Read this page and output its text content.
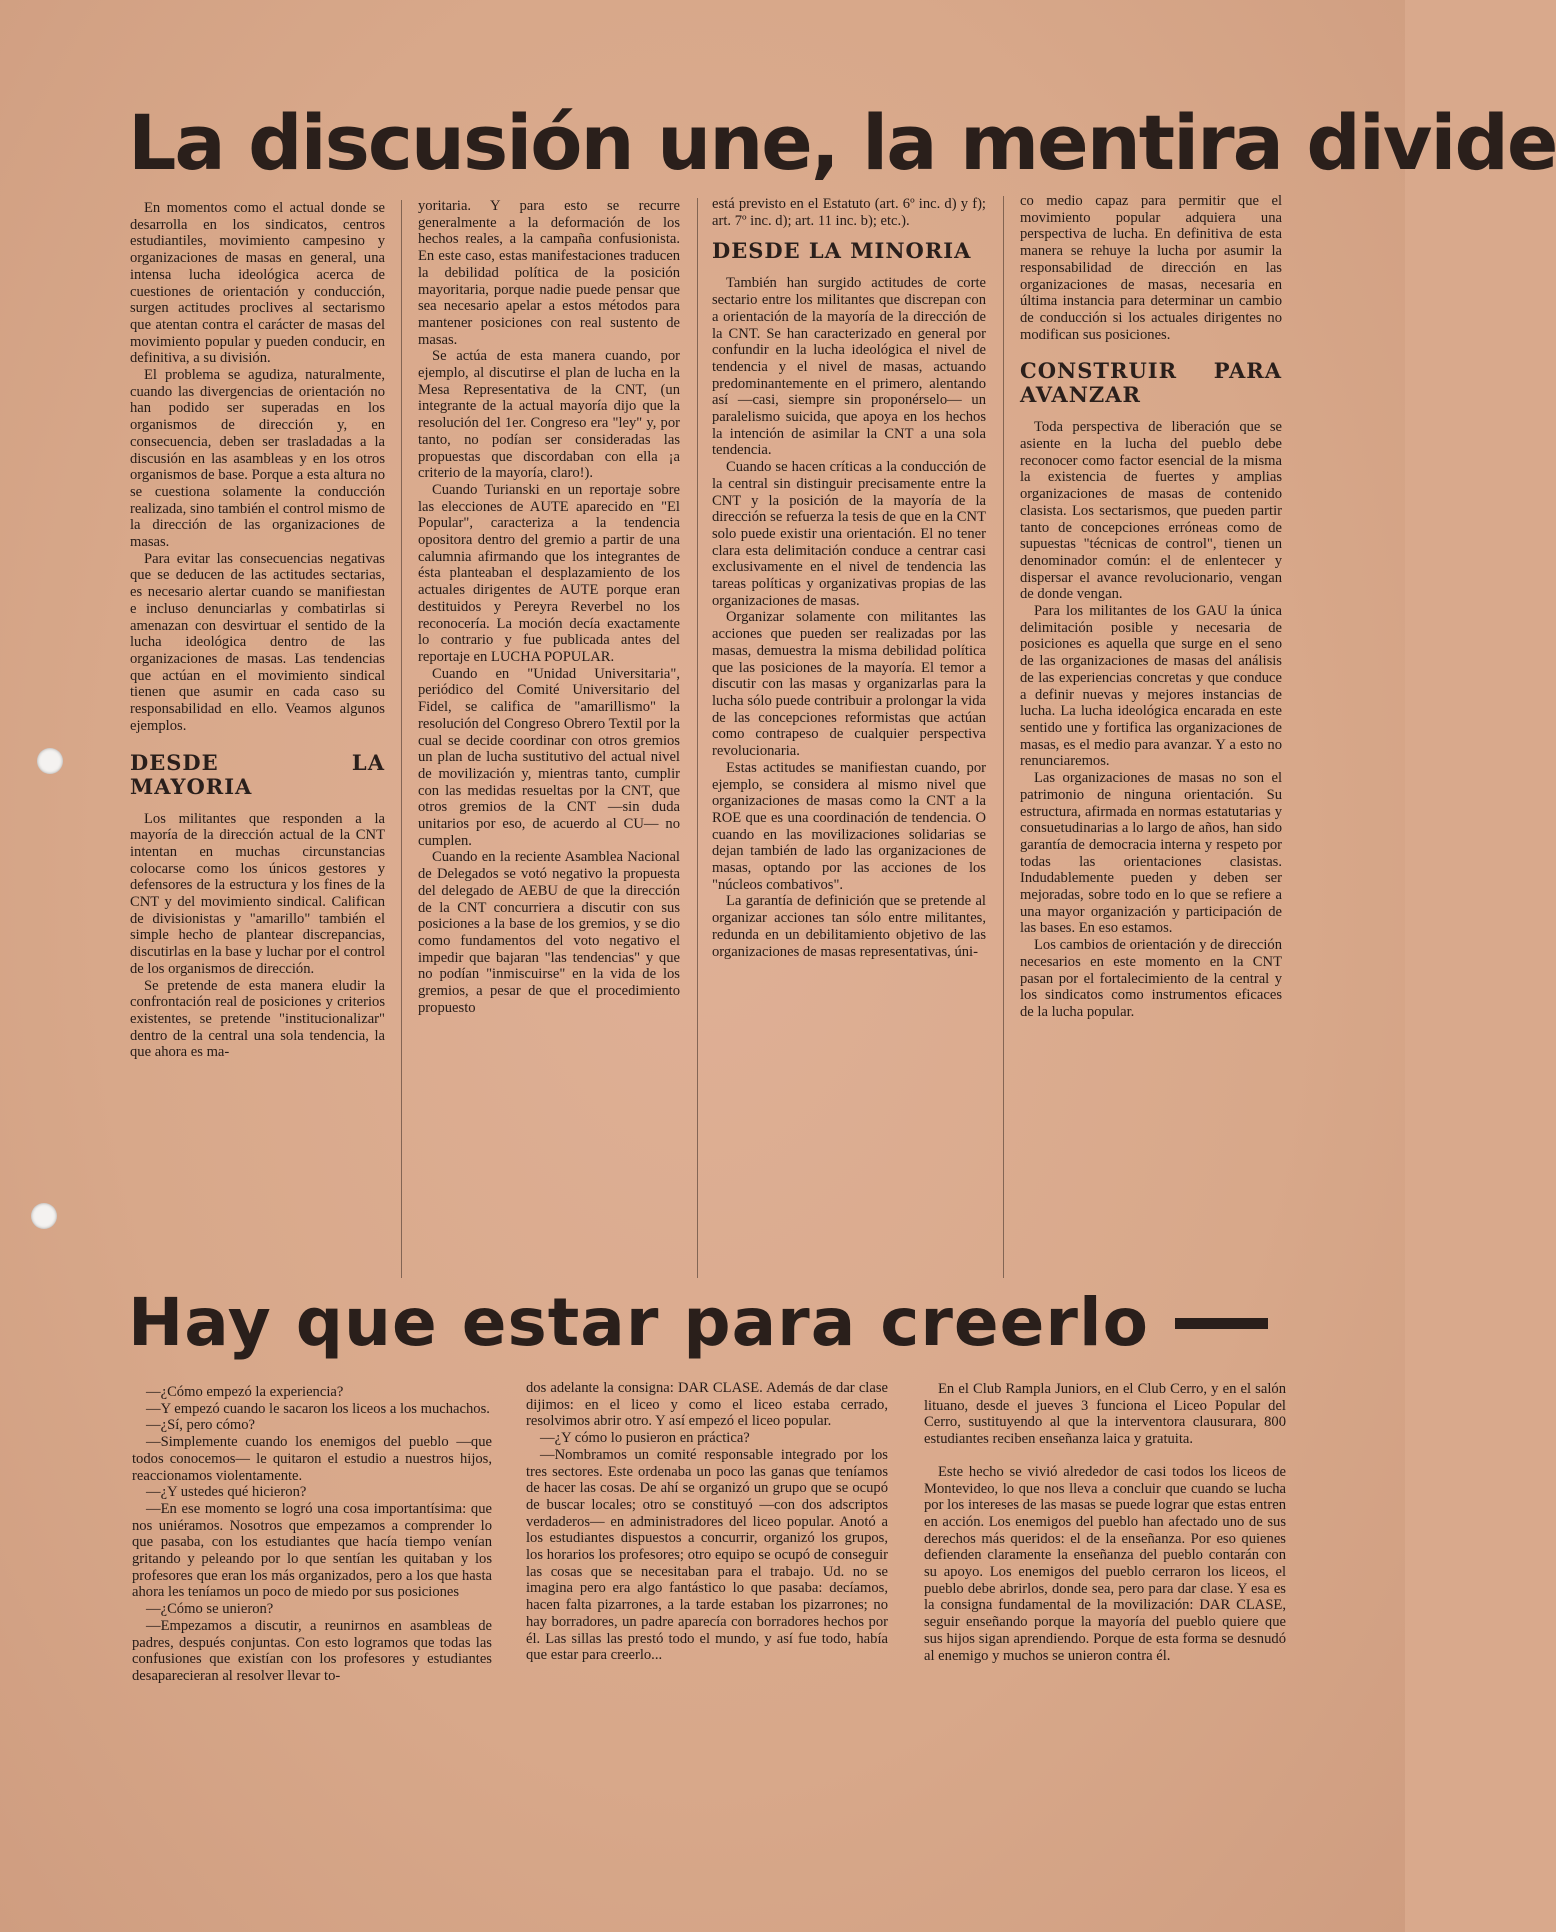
La discusión une, la mentira divide

En momentos como el actual donde se desarrolla en los sindicatos, centros estudiantiles, movimiento campesino y organizaciones de masas en general, una intensa lucha ideológica acerca de cuestiones de orientación y conducción, surgen actitudes proclives al sectarismo que atentan contra el carácter de masas del movimiento popular y pueden conducir, en definitiva, a su división.

El problema se agudiza, naturalmente, cuando las divergencias de orientación no han podido ser superadas en los organismos de dirección y, en consecuencia, deben ser trasladadas a la discusión en las asambleas y en los otros organismos de base. Porque a esta altura no se cuestiona solamente la conducción realizada, sino también el control mismo de la dirección de las organizaciones de masas.

Para evitar las consecuencias negativas que se deducen de las actitudes sectarias, es necesario alertar cuando se manifiestan e incluso denunciarlas y combatirlas si amenazan con desvirtuar el sentido de la lucha ideológica dentro de las organizaciones de masas. Las tendencias que actúan en el movimiento sindical tienen que asumir en cada caso su responsabilidad en ello. Veamos algunos ejemplos.

DESDE LA MAYORIA

Los militantes que responden a la mayoría de la dirección actual de la CNT intentan en muchas circunstancias colocarse como los únicos gestores y defensores de la estructura y los fines de la CNT y del movimiento sindical. Califican de divisionistas y "amarillo" también el simple hecho de plantear discrepancias, discutirlas en la base y luchar por el control de los organismos de dirección.

Se pretende de esta manera eludir la confrontación real de posiciones y criterios existentes, se pretende "institucionalizar" dentro de la central una sola tendencia, la que ahora es ma-

yoritaria. Y para esto se recurre generalmente a la deformación de los hechos reales, a la campaña confusionista. En este caso, estas manifestaciones traducen la debilidad política de la posición mayoritaria, porque nadie puede pensar que sea necesario apelar a estos métodos para mantener posiciones con real sustento de masas.

Se actúa de esta manera cuando, por ejemplo, al discutirse el plan de lucha en la Mesa Representativa de la CNT, (un integrante de la actual mayoría dijo que la resolución del 1er. Congreso era "ley" y, por tanto, no podían ser consideradas las propuestas que discordaban con ella ¡a criterio de la mayoría, claro!).

Cuando Turianski en un reportaje sobre las elecciones de AUTE aparecido en "El Popular", caracteriza a la tendencia opositora dentro del gremio a partir de una calumnia afirmando que los integrantes de ésta planteaban el desplazamiento de los actuales dirigentes de AUTE porque eran destituidos y Pereyra Reverbel no los reconocería. La moción decía exactamente lo contrario y fue publicada antes del reportaje en LUCHA POPULAR.

Cuando en "Unidad Universitaria", periódico del Comité Universitario del Fidel, se califica de "amarillismo" la resolución del Congreso Obrero Textil por la cual se decide coordinar con otros gremios un plan de lucha sustitutivo del actual nivel de movilización y, mientras tanto, cumplir con las medidas resueltas por la CNT, que otros gremios de la CNT —sin duda unitarios por eso, de acuerdo al CU— no cumplen.

Cuando en la reciente Asamblea Nacional de Delegados se votó negativo la propuesta del delegado de AEBU de que la dirección de la CNT concurriera a discutir con sus posiciones a la base de los gremios, y se dio como fundamentos del voto negativo el impedir que bajaran "las tendencias" y que no podían "inmiscuirse" en la vida de los gremios, a pesar de que el procedimiento propuesto

está previsto en el Estatuto (art. 6º inc. d) y f); art. 7º inc. d); art. 11 inc. b); etc.).

DESDE LA MINORIA

También han surgido actitudes de corte sectario entre los militantes que discrepan con a orientación de la mayoría de la dirección de la CNT. Se han caracterizado en general por confundir en la lucha ideológica el nivel de tendencia y el nivel de masas, actuando predominantemente en el primero, alentando así —casi, siempre sin proponérselo— un paralelismo suicida, que apoya en los hechos la intención de asimilar la CNT a una sola tendencia.

Cuando se hacen críticas a la conducción de la central sin distinguir precisamente entre la CNT y la posición de la mayoría de la dirección se refuerza la tesis de que en la CNT solo puede existir una orientación. El no tener clara esta delimitación conduce a centrar casi exclusivamente en el nivel de tendencia las tareas políticas y organizativas propias de las organizaciones de masas.

Organizar solamente con militantes las acciones que pueden ser realizadas por las masas, demuestra la misma debilidad política que las posiciones de la mayoría. El temor a discutir con las masas y organizarlas para la lucha sólo puede contribuir a prolongar la vida de las concepciones reformistas que actúan como contrapeso de cualquier perspectiva revolucionaria.

Estas actitudes se manifiestan cuando, por ejemplo, se considera al mismo nivel que organizaciones de masas como la CNT a la ROE que es una coordinación de tendencia. O cuando en las movilizaciones solidarias se dejan también de lado las organizaciones de masas, optando por las acciones de los "núcleos combativos".

La garantía de definición que se pretende al organizar acciones tan sólo entre militantes, redunda en un debilitamiento objetivo de las organizaciones de masas representativas, úni-

co medio capaz para permitir que el movimiento popular adquiera una perspectiva de lucha. En definitiva de esta manera se rehuye la lucha por asumir la responsabilidad de dirección en las organizaciones de masas, necesaria en última instancia para determinar un cambio de conducción si los actuales dirigentes no modifican sus posiciones.

CONSTRUIR PARA AVANZAR

Toda perspectiva de liberación que se asiente en la lucha del pueblo debe reconocer como factor esencial de la misma la existencia de fuertes y amplias organizaciones de masas de contenido clasista. Los sectarismos, que pueden partir tanto de concepciones erróneas como de supuestas "técnicas de control", tienen un denominador común: el de enlentecer y dispersar el avance revolucionario, vengan de donde vengan.

Para los militantes de los GAU la única delimitación posible y necesaria de posiciones es aquella que surge en el seno de las organizaciones de masas del análisis de las experiencias concretas y que conduce a definir nuevas y mejores instancias de lucha. La lucha ideológica encarada en este sentido une y fortifica las organizaciones de masas, es el medio para avanzar. Y a esto no renunciaremos.

Las organizaciones de masas no son el patrimonio de ninguna orientación. Su estructura, afirmada en normas estatutarias y consuetudinarias a lo largo de años, han sido garantía de democracia interna y respeto por todas las orientaciones clasistas. Indudablemente pueden y deben ser mejoradas, sobre todo en lo que se refiere a una mayor organización y participación de las bases. En eso estamos.

Los cambios de orientación y de dirección necesarios en este momento en la CNT pasan por el fortalecimiento de la central y los sindicatos como instrumentos eficaces de la lucha popular.

Hay que estar para creerlo

—¿Cómo empezó la experiencia?

—Y empezó cuando le sacaron los liceos a los muchachos.

—¿Sí, pero cómo?

—Simplemente cuando los enemigos del pueblo —que todos conocemos— le quitaron el estudio a nuestros hijos, reaccionamos violentamente.

—¿Y ustedes qué hicieron?

—En ese momento se logró una cosa importantísima: que nos uniéramos. Nosotros que empezamos a comprender lo que pasaba, con los estudiantes que hacía tiempo venían gritando y peleando por lo que sentían les quitaban y los profesores que eran los más organizados, pero a los que hasta ahora les teníamos un poco de miedo por sus posiciones

—¿Cómo se unieron?

—Empezamos a discutir, a reunirnos en asambleas de padres, después conjuntas. Con esto logramos que todas las confusiones que existían con los profesores y estudiantes desaparecieran al resolver llevar to-

dos adelante la consigna: DAR CLASE. Además de dar clase dijimos: en el liceo y como el liceo estaba cerrado, resolvimos abrir otro. Y así empezó el liceo popular.

—¿Y cómo lo pusieron en práctica?

—Nombramos un comité responsable integrado por los tres sectores. Este ordenaba un poco las ganas que teníamos de hacer las cosas. De ahí se organizó un grupo que se ocupó de buscar locales; otro se constituyó —con dos adscriptos verdaderos— en administradores del liceo popular. Anotó a los estudiantes dispuestos a concurrir, organizó los grupos, los horarios los profesores; otro equipo se ocupó de conseguir las cosas que se necesitaban para el trabajo. Ud. no se imagina pero era algo fantástico lo que pasaba: decíamos, hacen falta pizarrones, a la tarde estaban los pizarrones; no hay borradores, un padre aparecía con borradores hechos por él. Las sillas las prestó todo el mundo, y así fue todo, había que estar para creerlo...

En el Club Rampla Juniors, en el Club Cerro, y en el salón lituano, desde el jueves 3 funciona el Liceo Popular del Cerro, sustituyendo al que la interventora clausurara, 800 estudiantes reciben enseñanza laica y gratuita.

Este hecho se vivió alrededor de casi todos los liceos de Montevideo, lo que nos lleva a concluir que cuando se lucha por los intereses de las masas se puede lograr que estas entren en acción. Los enemigos del pueblo han afectado uno de sus derechos más queridos: el de la enseñanza. Por eso quienes defienden claramente la enseñanza del pueblo contarán con su apoyo. Los enemigos del pueblo cerraron los liceos, el pueblo debe abrirlos, donde sea, pero para dar clase. Y esa es la consigna fundamental de la movilización: DAR CLASE, seguir enseñando porque la mayoría del pueblo quiere que sus hijos sigan aprendiendo. Porque de esta forma se desnudó al enemigo y muchos se unieron contra él.
